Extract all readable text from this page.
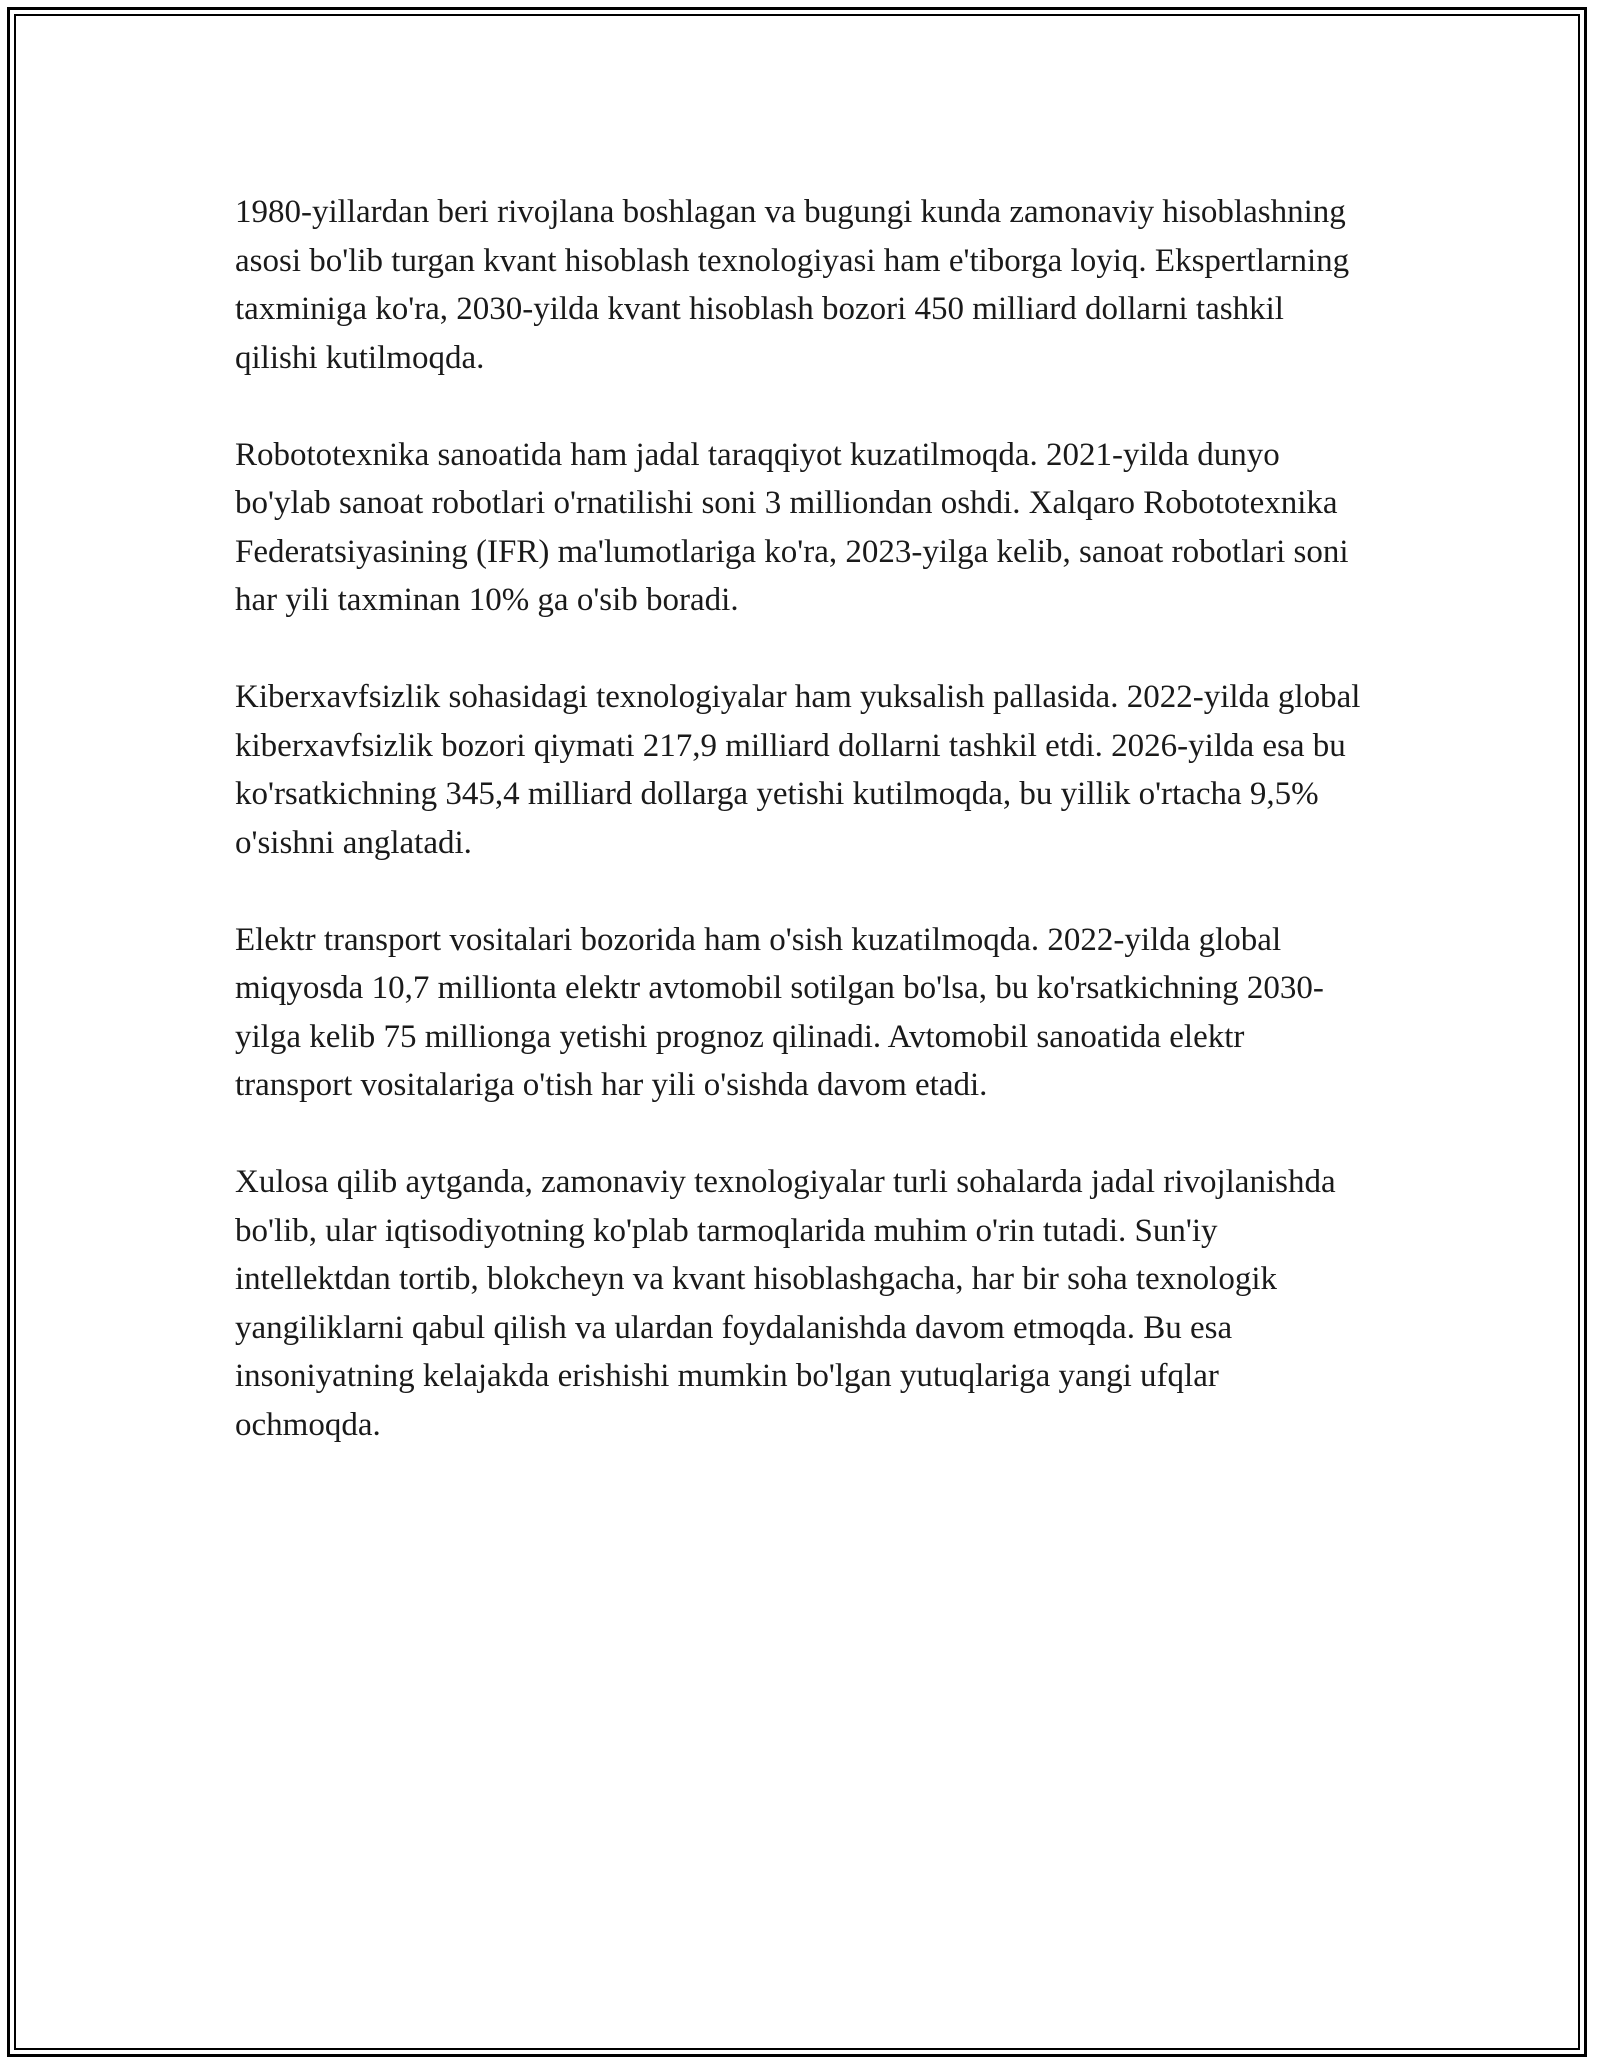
1980-yillardan beri rivojlana boshlagan va bugungi kunda zamonaviy hisoblashning asosi bo'lib turgan kvant hisoblash texnologiyasi ham e'tiborga loyiq. Ekspertlarning taxminiga ko'ra, 2030-yilda kvant hisoblash bozori 450 milliard dollarni tashkil qilishi kutilmoqda.

Robototexnika sanoatida ham jadal taraqqiyot kuzatilmoqda. 2021-yilda dunyo bo'ylab sanoat robotlari o'rnatilishi soni 3 milliondan oshdi. Xalqaro Robototexnika Federatsiyasining (IFR) ma'lumotlariga ko'ra, 2023-yilga kelib, sanoat robotlari soni har yili taxminan 10% ga o'sib boradi.

Kiberxavfsizlik sohasidagi texnologiyalar ham yuksalish pallasida. 2022-yilda global kiberxavfsizlik bozori qiymati 217,9 milliard dollarni tashkil etdi. 2026-yilda esa bu ko'rsatkichning 345,4 milliard dollarga yetishi kutilmoqda, bu yillik o'rtacha 9,5% o'sishni anglatadi.

Elektr transport vositalari bozorida ham o'sish kuzatilmoqda. 2022-yilda global miqyosda 10,7 millionta elektr avtomobil sotilgan bo'lsa, bu ko'rsatkichning 2030-yilga kelib 75 millionga yetishi prognoz qilinadi. Avtomobil sanoatida elektr transport vositalariga o'tish har yili o'sishda davom etadi.

Xulosa qilib aytganda, zamonaviy texnologiyalar turli sohalarda jadal rivojlanishda bo'lib, ular iqtisodiyotning ko'plab tarmoqlarida muhim o'rin tutadi. Sun'iy intellektdan tortib, blokcheyn va kvant hisoblashgacha, har bir soha texnologik yangiliklarni qabul qilish va ulardan foydalanishda davom etmoqda. Bu esa insoniyatning kelajakda erishishi mumkin bo'lgan yutuqlariga yangi ufqlar ochmoqda.
